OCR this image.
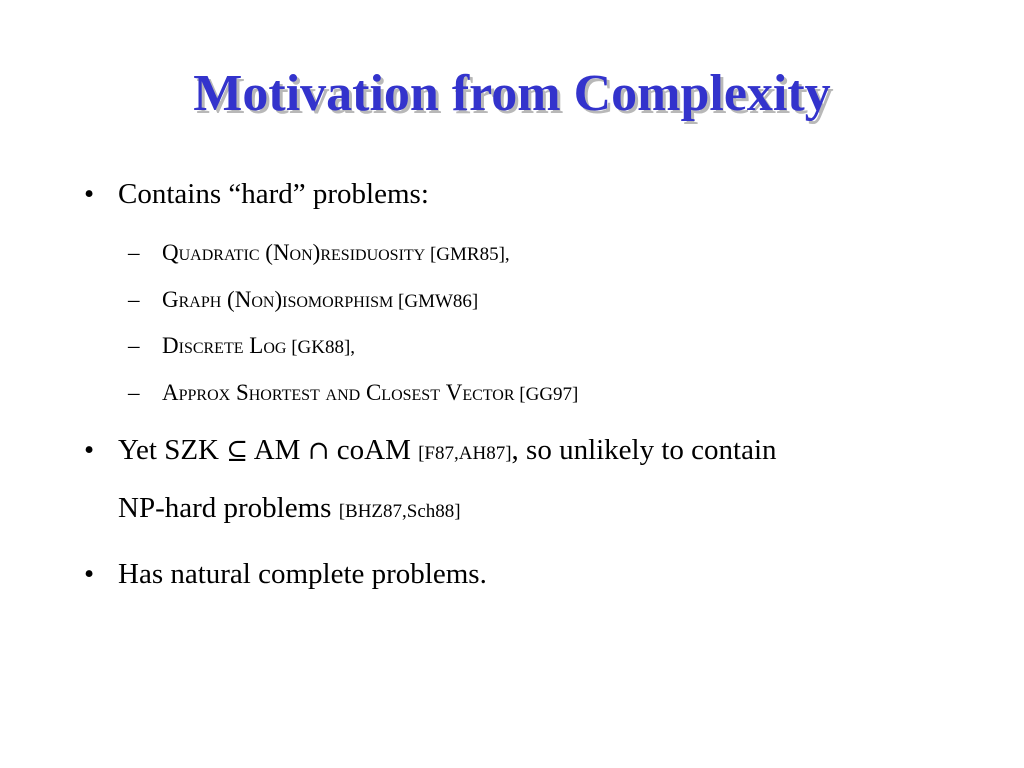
Motivation from Complexity
• Contains “hard” problems:
– Quadratic (Non)residuosity [GMR85],
– Graph (Non)isomorphism [GMW86]
– Discrete Log [GK88],
– Approx Shortest and Closest Vector [GG97]
• Yet SZK ⊆ AM ∩ coAM [F87,AH87], so unlikely to contain
NP-hard problems [BHZ87,Sch88]
• Has natural complete problems.
